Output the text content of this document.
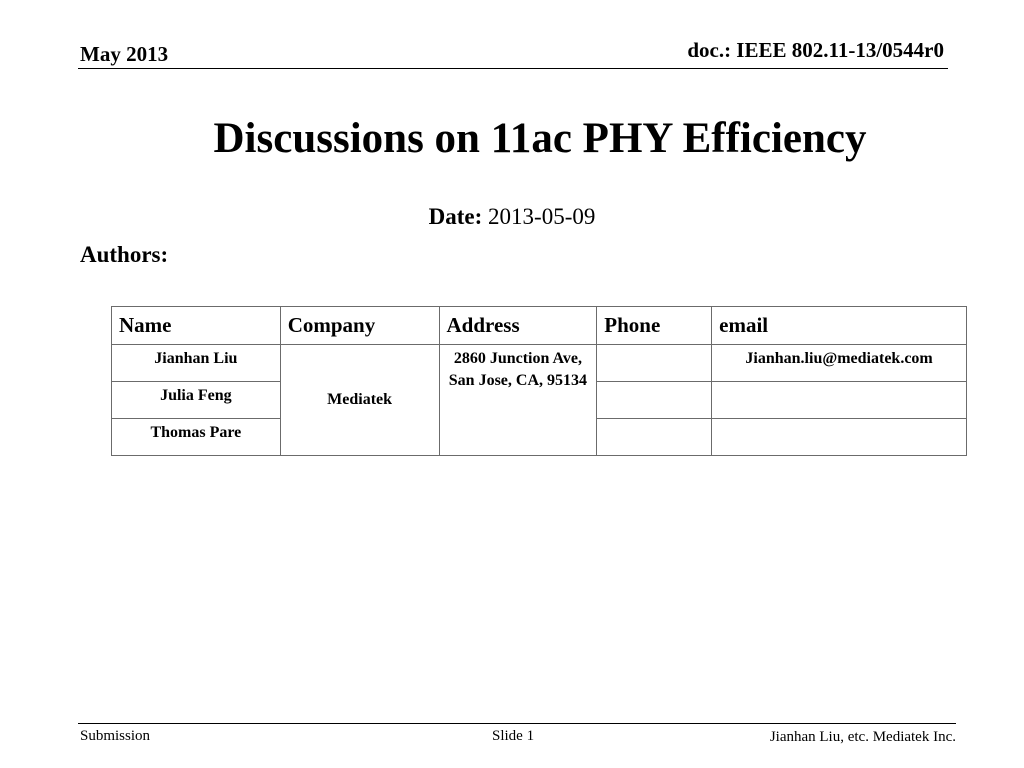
May 2013	doc.: IEEE 802.11-13/0544r0
Discussions on 11ac PHY Efficiency
Date: 2013-05-09
Authors:
Name	Company	Address	Phone	email
Jianhan Liu	Mediatek	2860 Junction Ave, San Jose, CA, 95134		Jianhan.liu@mediatek.com
Julia Feng				
Thomas Pare				
Submission	Slide 1	Jianhan Liu, etc. Mediatek Inc.
